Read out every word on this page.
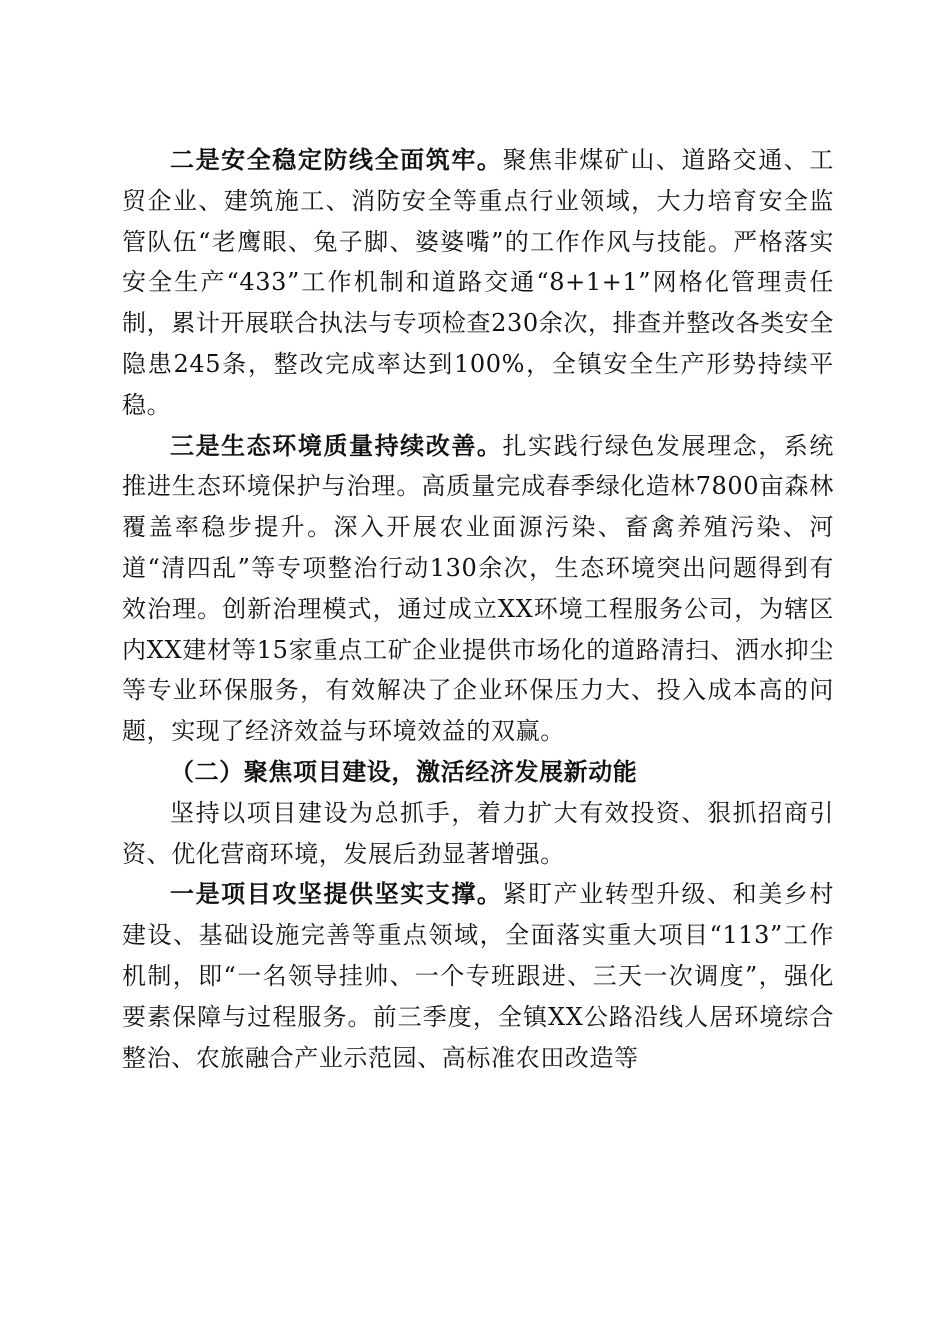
二是安全稳定防线全面筑牢。聚焦非煤矿山、道路交通、工贸企业、建筑施工、消防安全等重点行业领域，大力培育安全监管队伍“老鹰眼、兔子脚、婆婆嘴”的工作作风与技能。严格落实安全生产“433”工作机制和道路交通“8+1+1”网格化管理责任制，累计开展联合执法与专项检查230余次，排查并整改各类安全隐患245条，整改完成率达到100%，全镇安全生产形势持续平稳。

三是生态环境质量持续改善。扎实践行绿色发展理念，系统推进生态环境保护与治理。高质量完成春季绿化造林7800亩森林覆盖率稳步提升。深入开展农业面源污染、畜禽养殖污染、河道“清四乱”等专项整治行动130余次，生态环境突出问题得到有效治理。创新治理模式，通过成立XX环境工程服务公司，为辖区内XX建材等15家重点工矿企业提供市场化的道路清扫、洒水抑尘等专业环保服务，有效解决了企业环保压力大、投入成本高的问题，实现了经济效益与环境效益的双赢。

（二）聚焦项目建设，激活经济发展新动能

坚持以项目建设为总抓手，着力扩大有效投资、狠抓招商引资、优化营商环境，发展后劲显著增强。

一是项目攻坚提供坚实支撑。紧盯产业转型升级、和美乡村建设、基础设施完善等重点领域，全面落实重大项目“113”工作机制，即“一名领导挂帅、一个专班跟进、三天一次调度”，强化要素保障与过程服务。前三季度，全镇XX公路沿线人居环境综合整治、农旅融合产业示范园、高标准农田改造等
